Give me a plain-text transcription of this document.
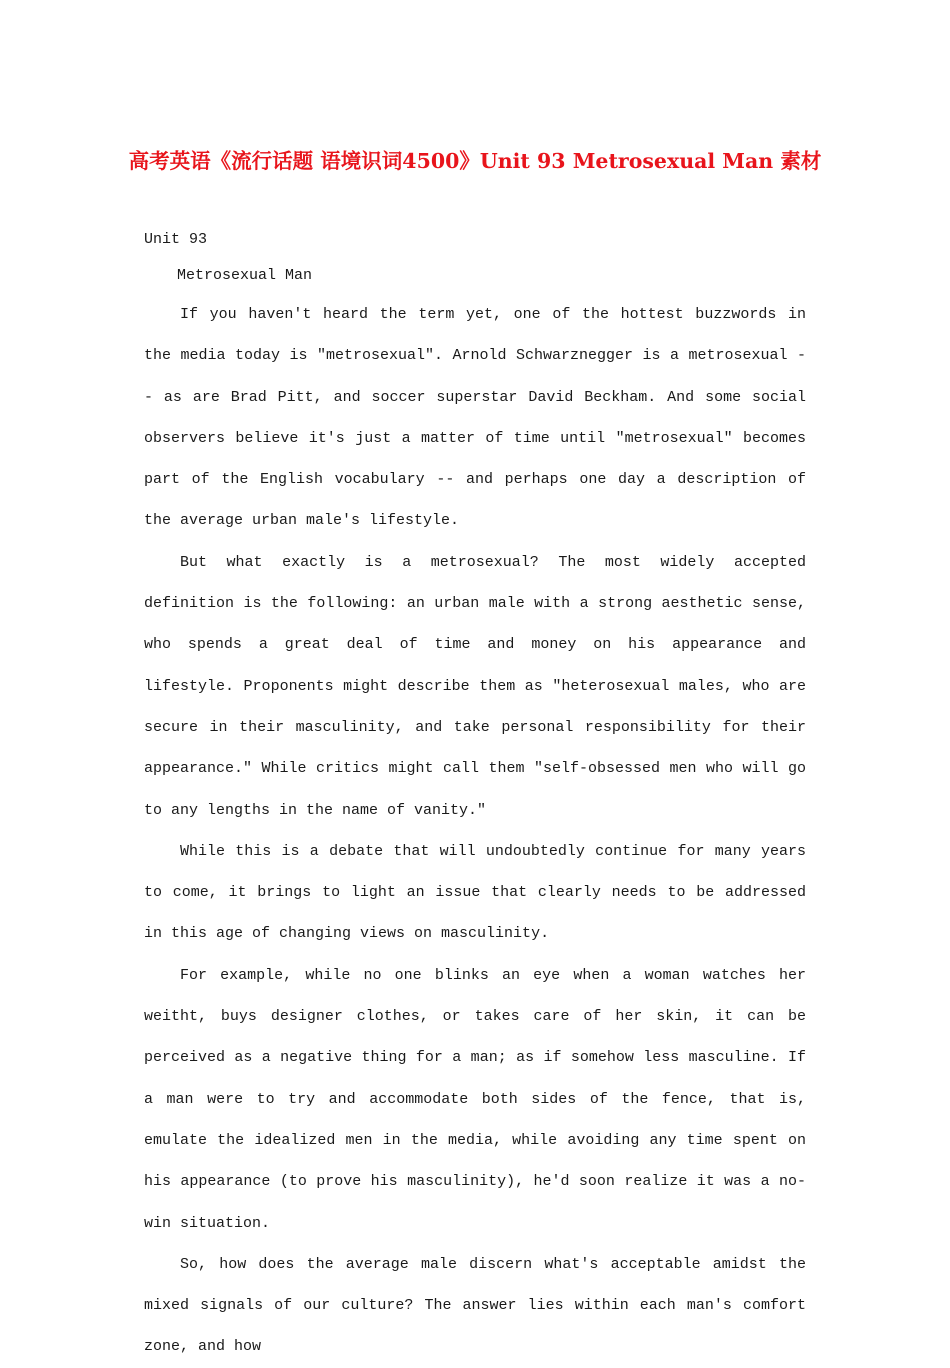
高考英语《流行话题 语境识词4500》Unit 93 Metrosexual Man 素材

Unit 93

Metrosexual Man

If you haven't heard the term yet, one of the hottest buzzwords in the media today is "metrosexual". Arnold Schwarznegger is a metrosexual -- as are Brad Pitt, and soccer superstar David Beckham. And some social observers believe it's just a matter of time until "metrosexual" becomes part of the English vocabulary -- and perhaps one day a description of the average urban male's lifestyle.

But what exactly is a metrosexual? The most widely accepted definition is the following: an urban male with a strong aesthetic sense, who spends a great deal of time and money on his appearance and lifestyle. Proponents might describe them as "heterosexual males, who are secure in their masculinity, and take personal responsibility for their appearance." While critics might call them "self-obsessed men who will go to any lengths in the name of vanity."

While this is a debate that will undoubtedly continue for many years to come, it brings to light an issue that clearly needs to be addressed in this age of changing views on masculinity.

For example, while no one blinks an eye when a woman watches her weitht, buys designer clothes, or takes care of her skin, it can be perceived as a negative thing for a man; as if somehow less masculine. If a man were to try and accommodate both sides of the fence, that is, emulate the idealized men in the media, while avoiding any time spent on his appearance (to prove his masculinity), he'd soon realize it was a no-win situation.

So, how does the average male discern what's acceptable amidst the mixed signals of our culture? The answer lies within each man's comfort zone, and how
